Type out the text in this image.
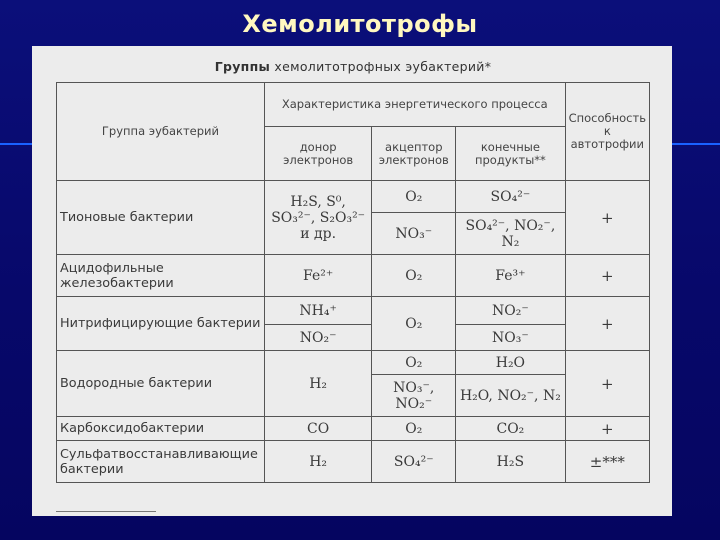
Хемолитотрофы
Группы хемолитотрофных эубактерий*
Группа эубактерий	Характеристика энергетического процесса			Способность к автотрофии
	донор электронов	акцептор электронов	конечные продукты**	
Тионовые бактерии	H₂S, S⁰, SO₃²⁻, S₂O₃²⁻ и др.	O₂	SO₄²⁻	+
		NO₃⁻	SO₄²⁻, NO₂⁻, N₂	
Ацидофильные железобактерии	Fe²⁺	O₂	Fe³⁺	+
Нитрифицирующие бактерии	NH₄⁺	O₂	NO₂⁻	+
	NO₂⁻		NO₃⁻	
Водородные бактерии	H₂	O₂	H₂O	+
		NO₃⁻, NO₂⁻	H₂O, NO₂⁻, N₂	
Карбоксидобактерии	CO	O₂	CO₂	+
Сульфатвосстанавливающие бактерии	H₂	SO₄²⁻	H₂S	±***
